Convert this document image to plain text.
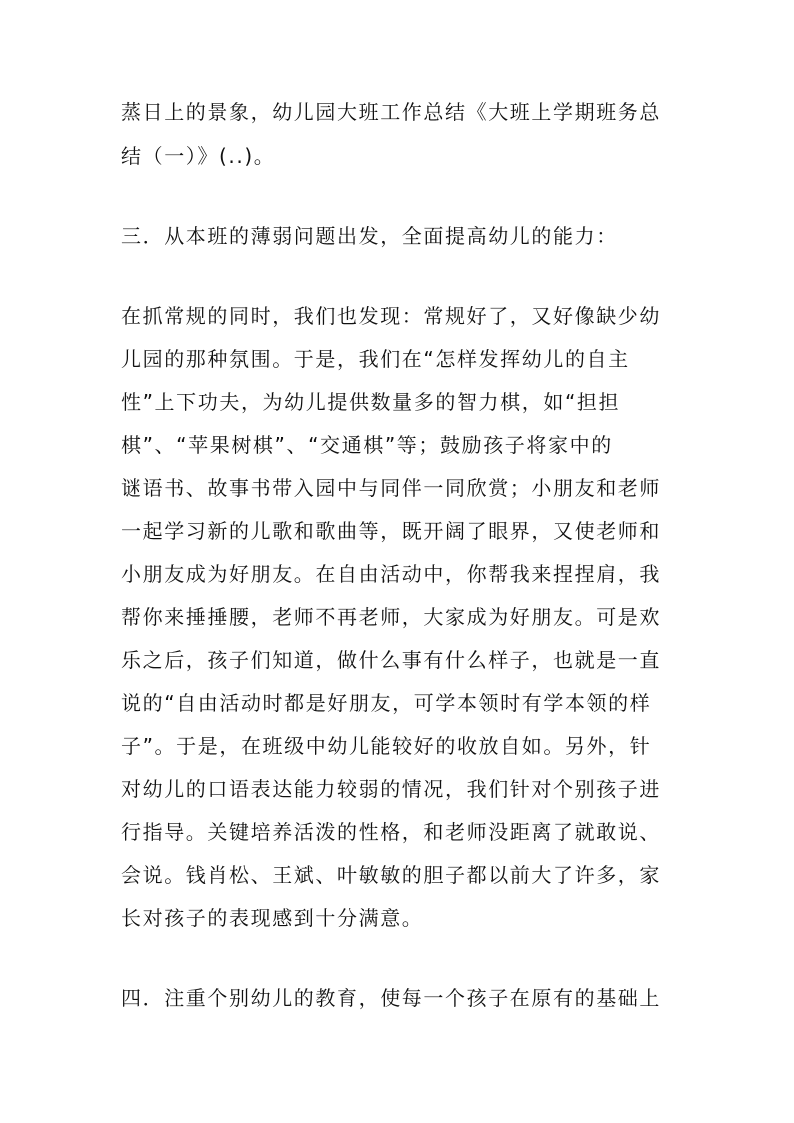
蒸日上的景象，幼儿园大班工作总结《大班上学期班务总
结（一）》(..)。
三．从本班的薄弱问题出发，全面提高幼儿的能力：
在抓常规的同时，我们也发现：常规好了，又好像缺少幼
儿园的那种氛围。于是，我们在“怎样发挥幼儿的自主
性”上下功夫，为幼儿提供数量多的智力棋，如“担担
棋”、“苹果树棋”、“交通棋”等；鼓励孩子将家中的
谜语书、故事书带入园中与同伴一同欣赏；小朋友和老师
一起学习新的儿歌和歌曲等，既开阔了眼界，又使老师和
小朋友成为好朋友。在自由活动中，你帮我来捏捏肩，我
帮你来捶捶腰，老师不再老师，大家成为好朋友。可是欢
乐之后，孩子们知道，做什么事有什么样子，也就是一直
说的“自由活动时都是好朋友，可学本领时有学本领的样
子”。于是，在班级中幼儿能较好的收放自如。另外，针
对幼儿的口语表达能力较弱的情况，我们针对个别孩子进
行指导。关键培养活泼的性格，和老师没距离了就敢说、
会说。钱肖松、王斌、叶敏敏的胆子都以前大了许多，家
长对孩子的表现感到十分满意。
四．注重个别幼儿的教育，使每一个孩子在原有的基础上
